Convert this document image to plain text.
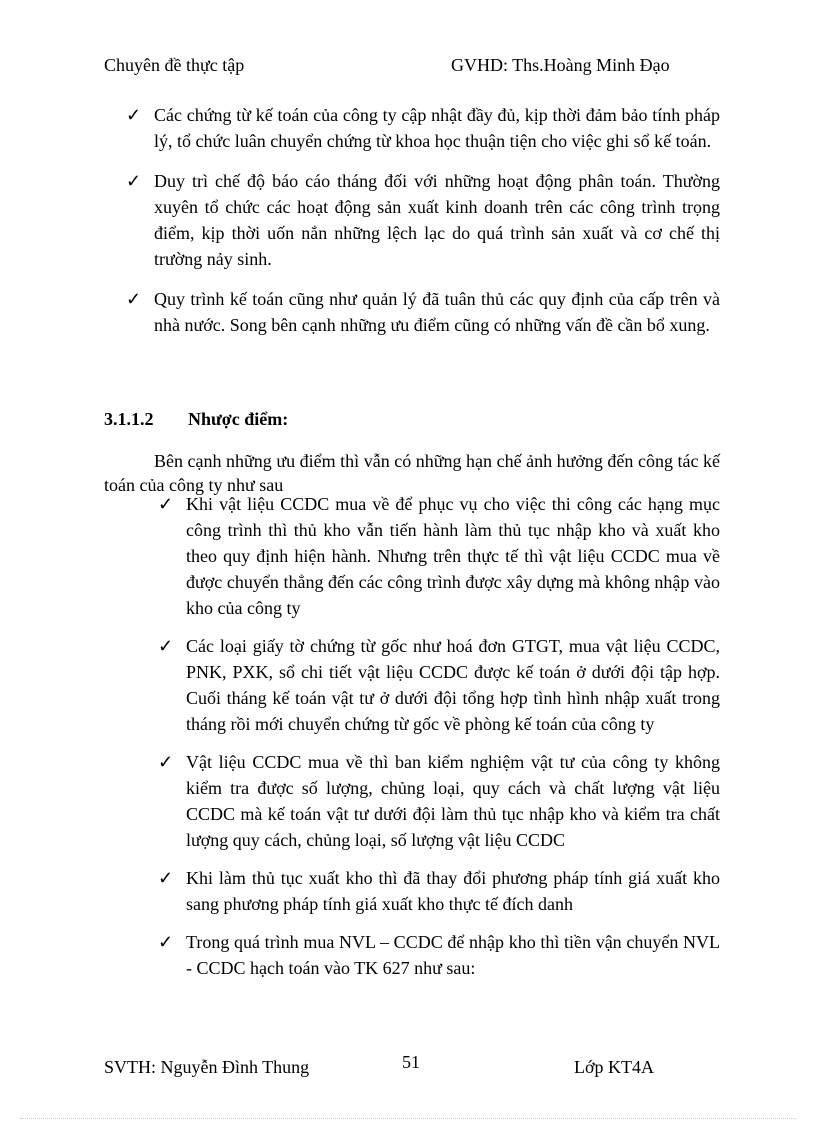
Chuyên đề thực tập	GVHD: Ths.Hoàng Minh Đạo
✓ Các chứng từ kế toán của công ty cập nhật đầy đủ, kịp thời đảm bảo tính pháp lý, tổ chức luân chuyển chứng từ khoa học thuận tiện cho việc ghi sổ kế toán.
✓ Duy trì chế độ báo cáo tháng đối với những hoạt động phân toán. Thường xuyên tổ chức các hoạt động sản xuất kinh doanh trên các công trình trọng điểm, kịp thời uốn nắn những lệch lạc do quá trình sản xuất và cơ chế thị trường nảy sinh.
✓ Quy trình kế toán cũng như quản lý đã tuân thủ các quy định của cấp trên và nhà nước. Song bên cạnh những ưu điểm cũng có những vấn đề cần bổ xung.
3.1.1.2 Nhược điểm:

Bên cạnh những ưu điểm thì vẫn có những hạn chế ảnh hưởng đến công tác kế toán của công ty như sau

✓ Khi vật liệu CCDC mua về để phục vụ cho việc thi công các hạng mục công trình thì thủ kho vẫn tiến hành làm thủ tục nhập kho và xuất kho theo quy định hiện hành. Nhưng trên thực tế thì vật liệu CCDC mua về được chuyển thẳng đến các công trình được xây dựng mà không nhập vào kho của công ty
✓ Các loại giấy tờ chứng từ gốc như hoá đơn GTGT, mua vật liệu CCDC, PNK, PXK, sổ chi tiết vật liệu CCDC được kế toán ở dưới đội tập hợp. Cuối tháng kế toán vật tư ở dưới đội tổng hợp tình hình nhập xuất trong tháng rồi mới chuyển chứng từ gốc về phòng kế toán của công ty
✓ Vật liệu CCDC mua về thì ban kiểm nghiệm vật tư của công ty không kiểm tra được số lượng, chủng loại, quy cách và chất lượng vật liệu CCDC mà kế toán vật tư dưới đội làm thủ tục nhập kho và kiểm tra chất lượng quy cách, chủng loại, số lượng vật liệu CCDC
✓ Khi làm thủ tục xuất kho thì đã thay đổi phương pháp tính giá xuất kho sang phương pháp tính giá xuất kho thực tế đích danh
✓ Trong quá trình mua NVL – CCDC để nhập kho thì tiền vận chuyển NVL - CCDC hạch toán vào TK 627 như sau:
SVTH: Nguyễn Đình Thung	51	Lớp KT4A
